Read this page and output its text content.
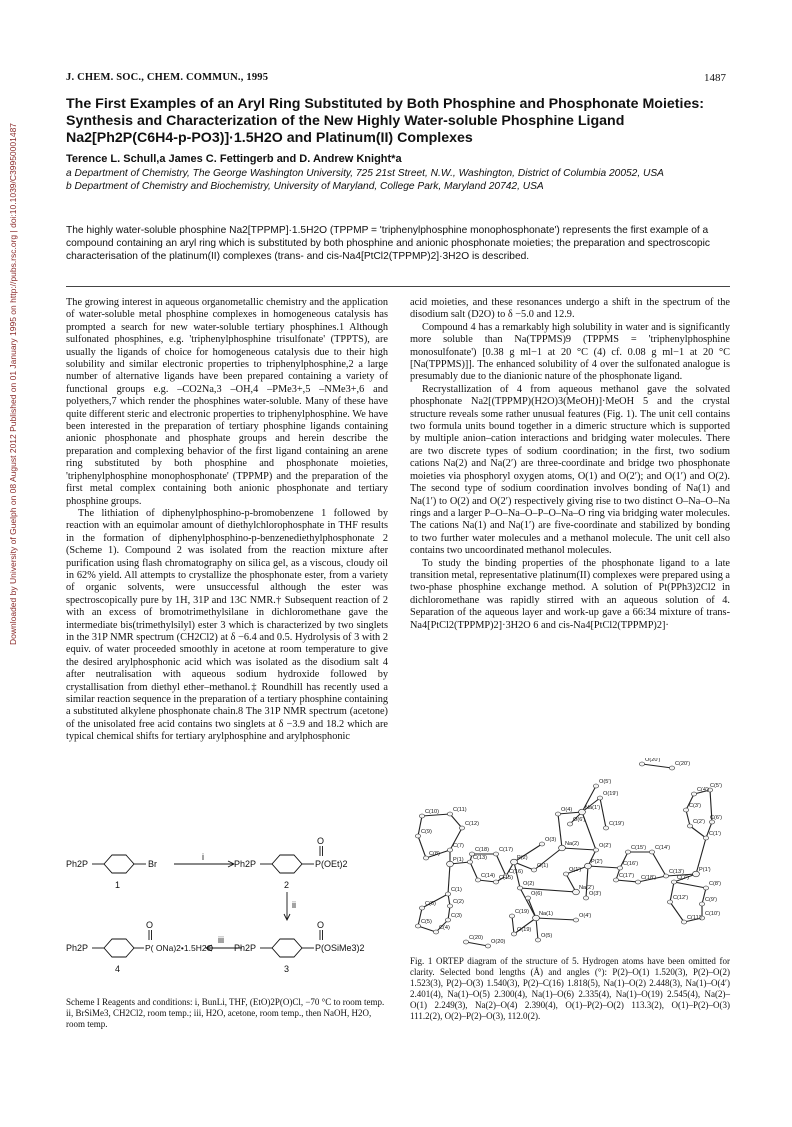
J. CHEM. SOC., CHEM. COMMUN., 1995	1487
Downloaded by University of Guelph on 08 August 2012 Published on 01 January 1995 on http://pubs.rsc.org | doi:10.1039/C39950001487
The First Examples of an Aryl Ring Substituted by Both Phosphine and Phosphonate Moieties: Synthesis and Characterization of the New Highly Water-soluble Phosphine Ligand Na2[Ph2P(C6H4-p-PO3)]·1.5H2O and Platinum(II) Complexes
Terence L. Schull,a James C. Fettingerb and D. Andrew Knight*a

a Department of Chemistry, The George Washington University, 725 21st Street, N.W., Washington, District of Columbia 20052, USA

b Department of Chemistry and Biochemistry, University of Maryland, College Park, Maryland 20742, USA

The highly water-soluble phosphine Na2[TPPMP]·1.5H2O (TPPMP = 'triphenylphosphine monophosphonate') represents the first example of a compound containing an aryl ring which is substituted by both phosphine and anionic phosphonate moieties; the preparation and spectroscopic characterisation of the platinum(II) complexes (trans- and cis-Na4[PtCl2(TPPMP)2]·3H2O is described.

The growing interest in aqueous organometallic chemistry and the application of water-soluble metal phosphine complexes in homogeneous catalysis has prompted a search for new water-soluble tertiary phosphines.1 Although sulfonated phosphines, e.g. 'triphenylphosphine trisulfonate' (TPPTS), are usually the ligands of choice for homogeneous catalysis due to their high solubility and similar electronic properties to triphenylphosphine,2 a large number of alternative ligands have been prepared containing a variety of functional groups e.g. –CO2Na,3 –OH,4 –PMe3+,5 –NMe3+,6 and polyethers,7 which render the phosphines water-soluble. Many of these have quite different steric and electronic properties to triphenylphosphine. We have been interested in the preparation of tertiary phosphine ligands containing anionic phosphonate and phosphate groups and herein describe the preparation and complexing behavior of the first ligand containing an arene ring substituted by both phosphine and phosphonate moieties, 'triphenylphosphine monophosphonate' (TPPMP) and the preparation of the first metal complex containing both anionic phosphonate and tertiary phosphine groups.

The lithiation of diphenylphosphino-p-bromobenzene 1 followed by reaction with an equimolar amount of diethylchlorophosphate in THF results in the formation of diphenylphosphino-p-benzenediethylphosphonate 2 (Scheme 1). Compound 2 was isolated from the reaction mixture after purification using flash chromatography on silica gel, as a viscous, cloudy oil in 62% yield. All attempts to crystallize the phosphonate ester, from a variety of organic solvents, were unsuccessful although the ester was spectroscopically pure by 1H, 31P and 13C NMR.† Subsequent reaction of 2 with an excess of bromotrimethylsilane in dichloromethane gave the intermediate bis(trimethylsilyl) ester 3 which is characterized by two singlets in the 31P NMR spectrum (CH2Cl2) at δ −6.4 and 0.5. Hydrolysis of 3 with 2 equiv. of water proceeded smoothly in acetone at room temperature to give the desired arylphosphonic acid which was isolated as the disodium salt 4 after neutralisation with aqueous sodium hydroxide followed by crystallisation from diethyl ether–methanol.‡ Roundhill has recently used a similar reaction sequence in the preparation of a tertiary phosphine containing a substituted alkylene phosphonate chain.8 The 31P NMR spectrum (acetone) of the unisolated free acid contains two singlets at δ −3.9 and 18.2 which are typical chemical shifts for tertiary arylphosphine and arylphosphonic

acid moieties, and these resonances undergo a shift in the spectrum of the disodium salt (D2O) to δ −5.0 and 12.9.

Compound 4 has a remarkably high solubility in water and is significantly more soluble than Na(TPPMS)9 (TPPMS = 'triphenylphosphine monosulfonate') [0.38 g ml−1 at 20 °C (4) cf. 0.08 g ml−1 at 20 °C [Na(TPPMS)]]. The enhanced solubility of 4 over the sulfonated analogue is presumably due to the dianionic nature of the phosphonate ligand.

Recrystallization of 4 from aqueous methanol gave the solvated phosphonate Na2[(TPPMP)(H2O)3(MeOH)]·MeOH 5 and the crystal structure reveals some rather unusual features (Fig. 1). The unit cell contains two formula units bound together in a dimeric structure which is supported by multiple anion–cation interactions and bridging water molecules. There are two discrete types of sodium coordination; in the first, two sodium cations Na(2) and Na(2′) are three-coordinate and bridge two phosphonate moieties via phosphoryl oxygen atoms, O(1) and O(2′); and O(1′) and O(2). The second type of sodium coordination involves bonding of Na(1) and Na(1′) to O(2) and O(2′) respectively giving rise to two distinct O–Na–O–Na rings and a larger P–O–Na–O–P–O–Na–O ring via bridging water molecules. The cations Na(1) and Na(1′) are five-coordinate and stabilized by bonding to two further water molecules and a methanol molecule. The unit cell also contains two uncoordinated methanol molecules.

To study the binding properties of the phosphonate ligand to a late transition metal, representative platinum(II) complexes were prepared using a two-phase phosphine exchange method. A solution of Pt(PPh3)2Cl2 in dichloromethane was rapidly stirred with an aqueous solution of 4. Separation of the aqueous layer and work-up gave a 66:34 mixture of trans-Na4[PtCl2(TPPMP)2]·3H2O 6 and cis-Na4[PtCl2(TPPMP)2]·

Ph2P	Br
1
i
Ph2P	P(OEt)2
O
2
ii
Ph2P	P(OSiMe3)2
O
3
iii
Ph2P	P( ONa)2•1.5H2O
O
4
Scheme I Reagents and conditions: i, BunLi, THF, (EtO)2P(O)Cl, −70 °C to room temp. ii, BrSiMe3, CH2Cl2, room temp.; iii, H2O, acetone, room temp., then NaOH, H2O, room temp.
O(20')
C(20')
O(5')
O(19')
C(4')
C(5')
C(3')
C(6')
C(2')
C(1')
C(11)
C(10)
C(12)
C(9)
O(4) Na(1')
O(6')
C(19')
O(3)
Na(2)
C(7)
C(18) C(17)
P(2)
O(2')	C(15') C(14')
C(8)
P(1) C(13)
O(1)
P(2')	C(16')
C(16)	O(1')
C(17') C(18')
C(13')	P(1')
C(14) C(15)
O(2)
Na(2')
C(7')
C(8')
C(1)
O(6)	O(3')
C(12')	C(9')
C(2)
C(6)
C(19) Na(1)	C(10')
C(11')
C(3)	O(4')
C(5)
C(4)	O(19)
O(5)
C(20)
O(20)
Fig. 1 ORTEP diagram of the structure of 5. Hydrogen atoms have been omitted for clarity. Selected bond lengths (Å) and angles (°): P(2)–O(1) 1.520(3), P(2)–O(2) 1.523(3), P(2)–O(3) 1.540(3), P(2)–C(16) 1.818(5), Na(1)–O(2) 2.448(3), Na(1)–O(4′) 2.401(4), Na(1)–O(5) 2.300(4), Na(1)–O(6) 2.335(4), Na(1)–O(19) 2.545(4), Na(2)–O(1) 2.249(3), Na(2)–O(4) 2.390(4), O(1)–P(2)–O(2) 113.3(2), O(1)–P(2)–O(3) 111.2(2), O(2)–P(2)–O(3), 112.0(2).
